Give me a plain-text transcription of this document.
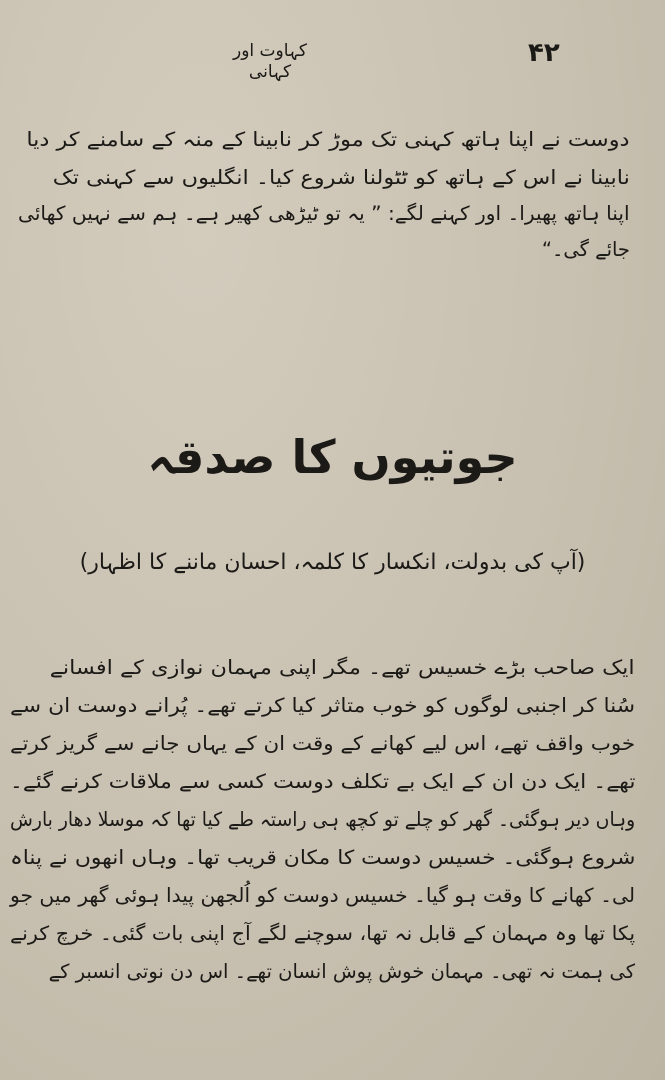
۴۲
کہاوت اور کہانی
دوست نے اپنا ہاتھ کہنی تک موڑ کر نابینا کے منہ کے سامنے کر دیا
نابینا نے اس کے ہاتھ کو ٹٹولنا شروع کیا۔ انگلیوں سے کہنی تک
اپنا ہاتھ پھیرا۔ اور کہنے لگے: ” یہ تو ٹیڑھی کھیر ہے۔ ہم سے نہیں کھائی
جائے گی۔“
جوتیوں کا صدقہ
(آپ کی بدولت، انکسار کا کلمہ، احسان ماننے کا اظہار)
ایک صاحب بڑے خسیس تھے۔ مگر اپنی مہمان نوازی کے افسانے
سُنا کر اجنبی لوگوں کو خوب متاثر کیا کرتے تھے۔ پُرانے دوست ان سے
خوب واقف تھے، اس لیے کھانے کے وقت ان کے یہاں جانے سے گریز کرتے
تھے۔ ایک دن ان کے ایک بے تکلف دوست کسی سے ملاقات کرنے گئے۔
وہاں دیر ہوگئی۔ گھر کو چلے تو کچھ ہی راستہ طے کیا تھا کہ موسلا دھار بارش
شروع ہوگئی۔ خسیس دوست کا مکان قریب تھا۔ وہاں انھوں نے پناہ
لی۔ کھانے کا وقت ہو گیا۔ خسیس دوست کو اُلجھن پیدا ہوئی گھر میں جو
پکا تھا وہ مہمان کے قابل نہ تھا، سوچنے لگے آج اپنی بات گئی۔ خرچ کرنے
کی ہمت نہ تھی۔ مہمان خوش پوش انسان تھے۔ اس دن نوتی انسبر کے
